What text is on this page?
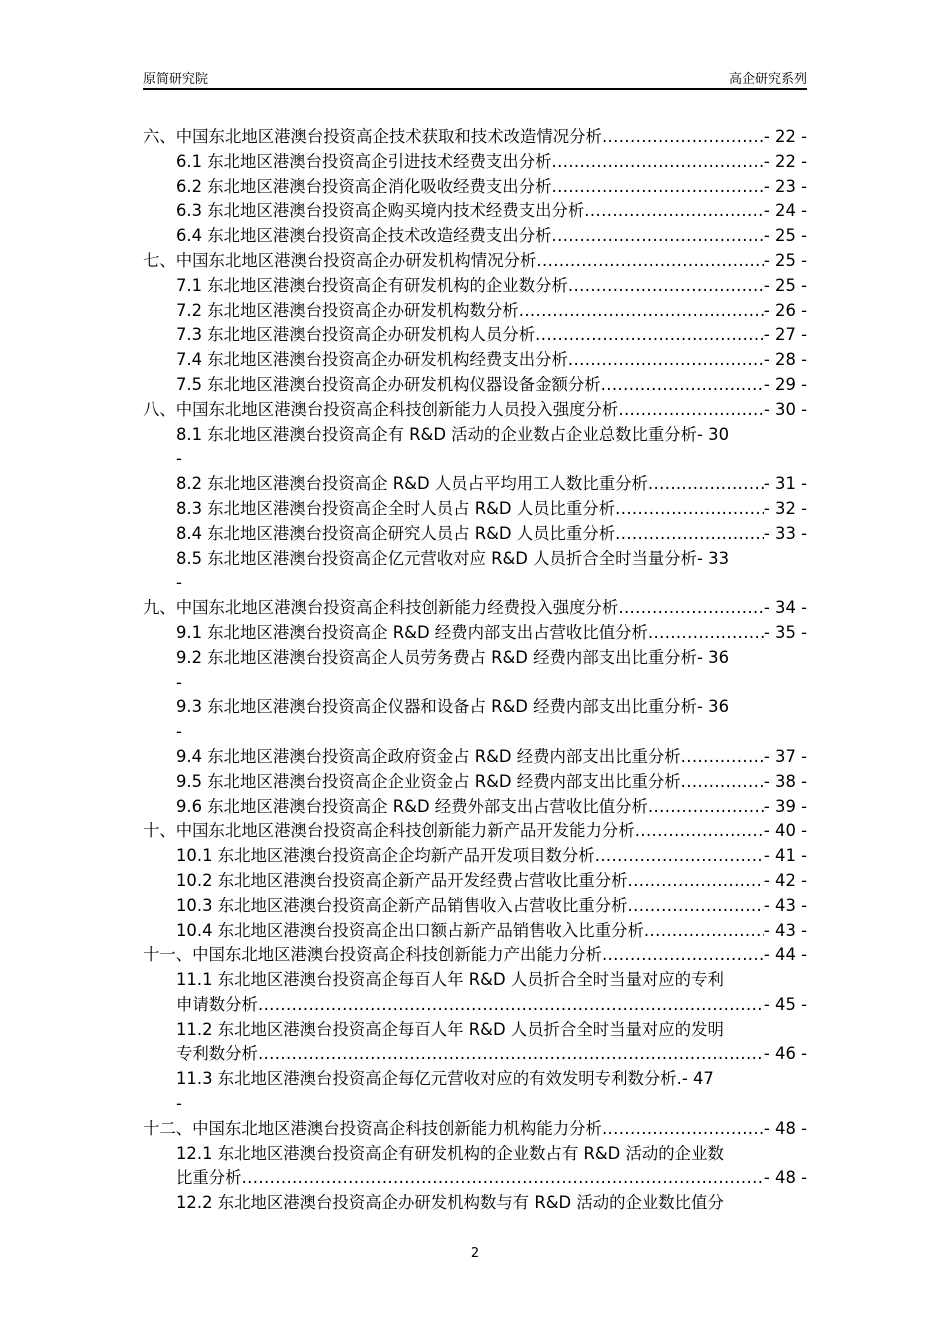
原简研究院	高企研究系列
六、中国东北地区港澳台投资高企技术获取和技术改造情况分析 .....	- 22 -
6.1 东北地区港澳台投资高企引进技术经费支出分析 .....	- 22 -
6.2 东北地区港澳台投资高企消化吸收经费支出分析 .....	- 23 -
6.3 东北地区港澳台投资高企购买境内技术经费支出分析 .....	- 24 -
6.4 东北地区港澳台投资高企技术改造经费支出分析 .....	- 25 -
七、中国东北地区港澳台投资高企办研发机构情况分析 .....	- 25 -
7.1 东北地区港澳台投资高企有研发机构的企业数分析 .....	- 25 -
7.2 东北地区港澳台投资高企办研发机构数分析 .....	- 26 -
7.3 东北地区港澳台投资高企办研发机构人员分析 .....	- 27 -
7.4 东北地区港澳台投资高企办研发机构经费支出分析 .....	- 28 -
7.5 东北地区港澳台投资高企办研发机构仪器设备金额分析 .....	- 29 -
八、中国东北地区港澳台投资高企科技创新能力人员投入强度分析 .....	- 30 -
8.1 东北地区港澳台投资高企有 R&D 活动的企业数占企业总数比重分析 - 30
-
8.2 东北地区港澳台投资高企 R&D 人员占平均用工人数比重分析 .....	- 31 -
8.3 东北地区港澳台投资高企全时人员占 R&D 人员比重分析 .....	- 32 -
8.4 东北地区港澳台投资高企研究人员占 R&D 人员比重分析 .....	- 33 -
8.5 东北地区港澳台投资高企亿元营收对应 R&D 人员折合全时当量分析 - 33
-
九、中国东北地区港澳台投资高企科技创新能力经费投入强度分析 .....	- 34 -
9.1 东北地区港澳台投资高企 R&D 经费内部支出占营收比值分析 .....	- 35 -
9.2 东北地区港澳台投资高企人员劳务费占 R&D 经费内部支出比重分析 - 36
-
9.3 东北地区港澳台投资高企仪器和设备占 R&D 经费内部支出比重分析 - 36
-
9.4 东北地区港澳台投资高企政府资金占 R&D 经费内部支出比重分析 .....	- 37 -
9.5 东北地区港澳台投资高企企业资金占 R&D 经费内部支出比重分析 .....	- 38 -
9.6 东北地区港澳台投资高企 R&D 经费外部支出占营收比值分析 .....	- 39 -
十、中国东北地区港澳台投资高企科技创新能力新产品开发能力分析 .....	- 40 -
10.1 东北地区港澳台投资高企企均新产品开发项目数分析 .....	- 41 -
10.2 东北地区港澳台投资高企新产品开发经费占营收比重分析 .....	- 42 -
10.3 东北地区港澳台投资高企新产品销售收入占营收比重分析 .....	- 43 -
10.4 东北地区港澳台投资高企出口额占新产品销售收入比重分析 .....	- 43 -
十一、中国东北地区港澳台投资高企科技创新能力产出能力分析 .....	- 44 -
11.1 东北地区港澳台投资高企每百人年 R&D 人员折合全时当量对应的专利
申请数分析 .....	- 45 -
11.2 东北地区港澳台投资高企每百人年 R&D 人员折合全时当量对应的发明
专利数分析 .....	- 46 -
11.3 东北地区港澳台投资高企每亿元营收对应的有效发明专利数分析. - 47
-
十二、中国东北地区港澳台投资高企科技创新能力机构能力分析 .....	- 48 -
12.1 东北地区港澳台投资高企有研发机构的企业数占有 R&D 活动的企业数
比重分析 .....	- 48 -
12.2 东北地区港澳台投资高企办研发机构数与有 R&D 活动的企业数比值分
2
